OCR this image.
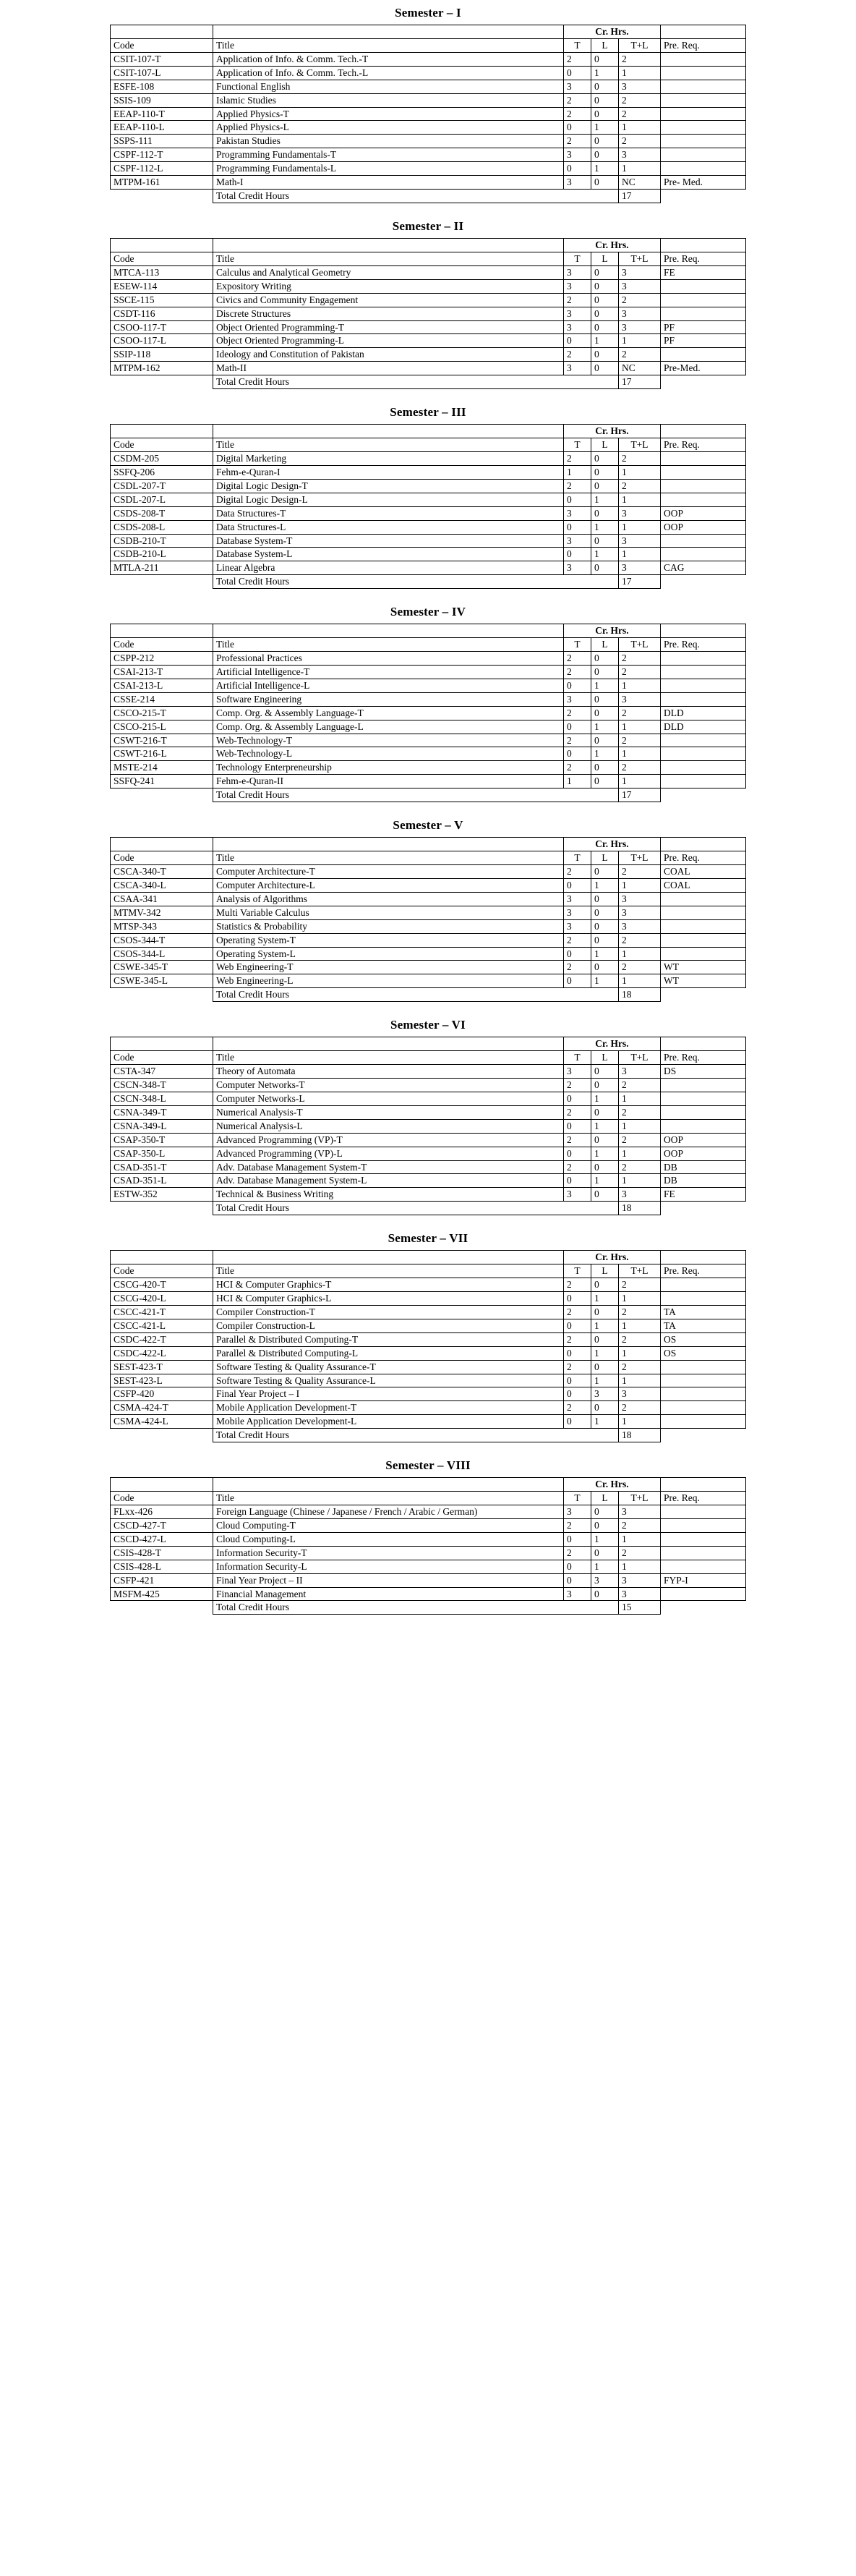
Semester – I
		Cr. Hrs.			
Code	Title	T	L	T+L	Pre. Req.
CSIT-107-T	Application of Info. & Comm. Tech.-T	2	0	2	
CSIT-107-L	Application of Info. & Comm. Tech.-L	0	1	1	
ESFE-108	Functional English	3	0	3	
SSIS-109	Islamic Studies	2	0	2	
EEAP-110-T	Applied Physics-T	2	0	2	
EEAP-110-L	Applied Physics-L	0	1	1	
SSPS-111	Pakistan Studies	2	0	2	
CSPF-112-T	Programming Fundamentals-T	3	0	3	
CSPF-112-L	Programming Fundamentals-L	0	1	1	
MTPM-161	Math-I	3	0	NC	Pre- Med.
	Total Credit Hours			17	
Semester – II
		Cr. Hrs.			
Code	Title	T	L	T+L	Pre. Req.
MTCA-113	Calculus and Analytical Geometry	3	0	3	FE
ESEW-114	Expository Writing	3	0	3	
SSCE-115	Civics and Community Engagement	2	0	2	
CSDT-116	Discrete Structures	3	0	3	
CSOO-117-T	Object Oriented Programming-T	3	0	3	PF
CSOO-117-L	Object Oriented Programming-L	0	1	1	PF
SSIP-118	Ideology and Constitution of Pakistan	2	0	2	
MTPM-162	Math-II	3	0	NC	Pre-Med.
	Total Credit Hours			17	
Semester – III
		Cr. Hrs.			
Code	Title	T	L	T+L	Pre. Req.
CSDM-205	Digital Marketing	2	0	2	
SSFQ-206	Fehm-e-Quran-I	1	0	1	
CSDL-207-T	Digital Logic Design-T	2	0	2	
CSDL-207-L	Digital Logic Design-L	0	1	1	
CSDS-208-T	Data Structures-T	3	0	3	OOP
CSDS-208-L	Data Structures-L	0	1	1	OOP
CSDB-210-T	Database System-T	3	0	3	
CSDB-210-L	Database System-L	0	1	1	
MTLA-211	Linear Algebra	3	0	3	CAG
	Total Credit Hours			17	
Semester – IV
		Cr. Hrs.			
Code	Title	T	L	T+L	Pre. Req.
CSPP-212	Professional Practices	2	0	2	
CSAI-213-T	Artificial Intelligence-T	2	0	2	
CSAI-213-L	Artificial Intelligence-L	0	1	1	
CSSE-214	Software Engineering	3	0	3	
CSCO-215-T	Comp. Org. & Assembly Language-T	2	0	2	DLD
CSCO-215-L	Comp. Org. & Assembly Language-L	0	1	1	DLD
CSWT-216-T	Web-Technology-T	2	0	2	
CSWT-216-L	Web-Technology-L	0	1	1	
MSTE-214	Technology Enterpreneurship	2	0	2	
SSFQ-241	Fehm-e-Quran-II	1	0	1	
	Total Credit Hours			17	
Semester – V
		Cr. Hrs.			
Code	Title	T	L	T+L	Pre. Req.
CSCA-340-T	Computer Architecture-T	2	0	2	COAL
CSCA-340-L	Computer Architecture-L	0	1	1	COAL
CSAA-341	Analysis of Algorithms	3	0	3	
MTMV-342	Multi Variable Calculus	3	0	3	
MTSP-343	Statistics & Probability	3	0	3	
CSOS-344-T	Operating System-T	2	0	2	
CSOS-344-L	Operating System-L	0	1	1	
CSWE-345-T	Web Engineering-T	2	0	2	WT
CSWE-345-L	Web Engineering-L	0	1	1	WT
	Total Credit Hours			18	
Semester – VI
		Cr. Hrs.			
Code	Title	T	L	T+L	Pre. Req.
CSTA-347	Theory of Automata	3	0	3	DS
CSCN-348-T	Computer Networks-T	2	0	2	
CSCN-348-L	Computer Networks-L	0	1	1	
CSNA-349-T	Numerical Analysis-T	2	0	2	
CSNA-349-L	Numerical Analysis-L	0	1	1	
CSAP-350-T	Advanced Programming (VP)-T	2	0	2	OOP
CSAP-350-L	Advanced Programming (VP)-L	0	1	1	OOP
CSAD-351-T	Adv. Database Management System-T	2	0	2	DB
CSAD-351-L	Adv. Database Management System-L	0	1	1	DB
ESTW-352	Technical & Business Writing	3	0	3	FE
	Total Credit Hours			18	
Semester – VII
		Cr. Hrs.			
Code	Title	T	L	T+L	Pre. Req.
CSCG-420-T	HCI & Computer Graphics-T	2	0	2	
CSCG-420-L	HCI & Computer Graphics-L	0	1	1	
CSCC-421-T	Compiler Construction-T	2	0	2	TA
CSCC-421-L	Compiler Construction-L	0	1	1	TA
CSDC-422-T	Parallel & Distributed Computing-T	2	0	2	OS
CSDC-422-L	Parallel & Distributed Computing-L	0	1	1	OS
SEST-423-T	Software Testing & Quality Assurance-T	2	0	2	
SEST-423-L	Software Testing & Quality Assurance-L	0	1	1	
CSFP-420	Final Year Project – I	0	3	3	
CSMA-424-T	Mobile Application Development-T	2	0	2	
CSMA-424-L	Mobile Application Development-L	0	1	1	
	Total Credit Hours			18	
Semester – VIII
		Cr. Hrs.			
Code	Title	T	L	T+L	Pre. Req.
FLxx-426	Foreign Language (Chinese / Japanese / French / Arabic / German)	3	0	3	
CSCD-427-T	Cloud Computing-T	2	0	2	
CSCD-427-L	Cloud Computing-L	0	1	1	
CSIS-428-T	Information Security-T	2	0	2	
CSIS-428-L	Information Security-L	0	1	1	
CSFP-421	Final Year Project – II	0	3	3	FYP-I
MSFM-425	Financial Management	3	0	3	
	Total Credit Hours			15	
